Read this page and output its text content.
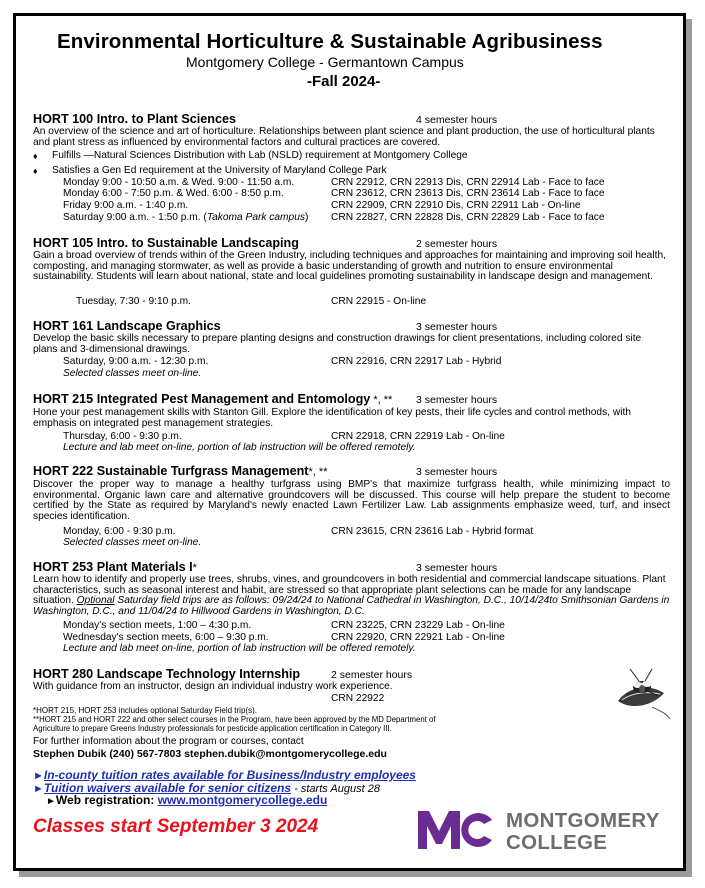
Environmental Horticulture & Sustainable Agribusiness
Montgomery College - Germantown Campus
-Fall 2024-
HORT 100 Intro. to Plant Sciences	4 semester hours
An overview of the science and art of horticulture. Relationships between plant science and plant production, the use of horticultural plants and plant stress as influenced by environmental factors and cultural practices are covered.
♦ Fulfills —Natural Sciences Distribution with Lab (NSLD) requirement at Montgomery College
♦ Satisfies a Gen Ed requirement at the University of Maryland College Park
Monday 9:00 - 10:50 a.m. & Wed. 9:00 - 11:50 a.m.	CRN 22912, CRN 22913 Dis, CRN 22914 Lab - Face to face
Monday 6:00 - 7:50 p.m. & Wed. 6:00 - 8:50 p.m.	CRN 23612, CRN 23613 Dis, CRN 23614 Lab - Face to face
Friday 9:00 a.m. - 1:40 p.m.	CRN 22909, CRN 22910 Dis, CRN 22911 Lab - On-line
Saturday 9:00 a.m. - 1:50 p.m. (Takoma Park campus) CRN 22827, CRN 22828 Dis, CRN 22829 Lab - Face to face
HORT 105 Intro. to Sustainable Landscaping	2 semester hours
Gain a broad overview of trends within of the Green Industry, including techniques and approaches for maintaining and improving soil health, composting, and managing stormwater, as well as provide a basic understanding of growth and nutrition to ensure environmental sustainability. Students will learn about national, state and local guidelines promoting sustainability in landscape design and management.
Tuesday, 7:30 - 9:10 p.m.	CRN 22915 - On-line
HORT 161 Landscape Graphics	3 semester hours
Develop the basic skills necessary to prepare planting designs and construction drawings for client presentations, including colored site plans and 3-dimensional drawings.
Saturday, 9:00 a.m. - 12:30 p.m.	CRN 22916, CRN 22917 Lab - Hybrid
Selected classes meet on-line.
HORT 215 Integrated Pest Management and Entomology *, ** 3 semester hours
Hone your pest management skills with Stanton Gill. Explore the identification of key pests, their life cycles and control methods, with emphasis on integrated pest management strategies.
Thursday, 6:00 - 9:30 p.m.	CRN 22918, CRN 22919 Lab - On-line
Lecture and lab meet on-line, portion of lab instruction will be offered remotely.
HORT 222 Sustainable Turfgrass Management*, **	3 semester hours
Discover the proper way to manage a healthy turfgrass using BMP's that maximize turfgrass health, while minimizing impact to environmental. Organic lawn care and alternative groundcovers will be discussed. This course will help prepare the student to become certified by the State as required by Maryland's newly enacted Lawn Fertilizer Law. Lab assignments emphasize weed, turf, and insect species identification.
Monday, 6:00 - 9:30 p.m.	CRN 23615, CRN 23616 Lab - Hybrid format
Selected classes meet on-line.
HORT 253 Plant Materials I*	3 semester hours
Learn how to identify and properly use trees, shrubs, vines, and groundcovers in both residential and commercial landscape situations. Plant characteristics, such as seasonal interest and habit, are stressed so that appropriate plant selections can be made for any landscape situation. Optional Saturday field trips are as follows: 09/24/24 to National Cathedral in Washington, D.C., 10/14/24to Smithsonian Gardens in Washington, D.C., and 11/04/24 to Hillwood Gardens in Washington, D.C.
Monday's section meets, 1:00 – 4:30 p.m.	CRN 23225, CRN 23229 Lab - On-line
Wednesday's section meets, 6:00 – 9:30 p.m.	CRN 22920, CRN 22921 Lab - On-line
Lecture and lab meet on-line, portion of lab instruction will be offered remotely.
HORT 280 Landscape Technology Internship	2 semester hours
With guidance from an instructor, design an individual industry work experience.
CRN 22922
*HORT 215, HORT 253 includes optional Saturday Field trip(s).
**HORT 215 and HORT 222 and other select courses in the Program, have been approved by the MD Department of Agriculture to prepare Greens Industry professionals for pesticide application certification in Category III.
For further information about the program or courses, contact
Stephen Dubik (240) 567-7803 stephen.dubik@montgomerycollege.edu
►In-county tuition rates available for Business/Industry employees
►Tuition waivers available for senior citizens - starts August 28
►Web registration: www.montgomerycollege.edu
Classes start September 3 2024	MONTGOMERY
COLLEGE
